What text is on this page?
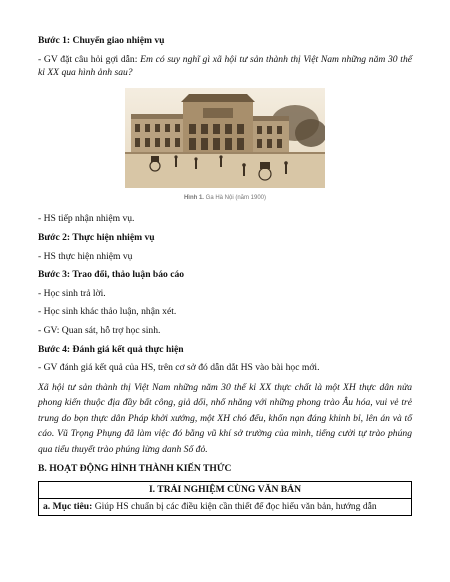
Bước 1: Chuyển giao nhiệm vụ
- GV đặt câu hỏi gợi dẫn: Em có suy nghĩ gì xã hội tư sản thành thị Việt Nam những năm 30 thế kỉ XX qua hình ảnh sau?
Hình 1. Ga Hà Nội (năm 1900)
- HS tiếp nhận nhiệm vụ.
Bước 2: Thực hiện nhiệm vụ
- HS thực hiện nhiệm vụ
Bước 3: Trao đổi, thảo luận báo cáo
- Học sinh trả lời.
- Học sinh khác thảo luận, nhận xét.
- GV: Quan sát, hỗ trợ học sinh.
Bước 4: Đánh giá kết quả thực hiện
- GV đánh giá kết quả của HS, trên cơ sở đó dẫn dắt HS vào bài học mới.
Xã hội tư sản thành thị Việt Nam những năm 30 thế kỉ XX thực chất là một XH thực dân nửa phong kiến thuộc địa đầy bất công, giả dối, nhố nhăng với những phong trào Âu hóa, vui vẻ trẻ trung do bọn thực dân Pháp khởi xướng, một XH chó đểu, khốn nạn đáng khinh bỉ, lên án và tố cáo. Vũ Trọng Phụng đã làm việc đó bằng vũ khí sở trường của mình, tiếng cười tự trào phúng qua tiểu thuyết trào phúng lừng danh Số đỏ.
B. HOẠT ĐỘNG HÌNH THÀNH KIẾN THỨC
I. TRẢI NGHIỆM CÙNG VĂN BẢN
a. Mục tiêu: Giúp HS chuẩn bị các điều kiện cần thiết để đọc hiểu văn bản, hướng dẫn
